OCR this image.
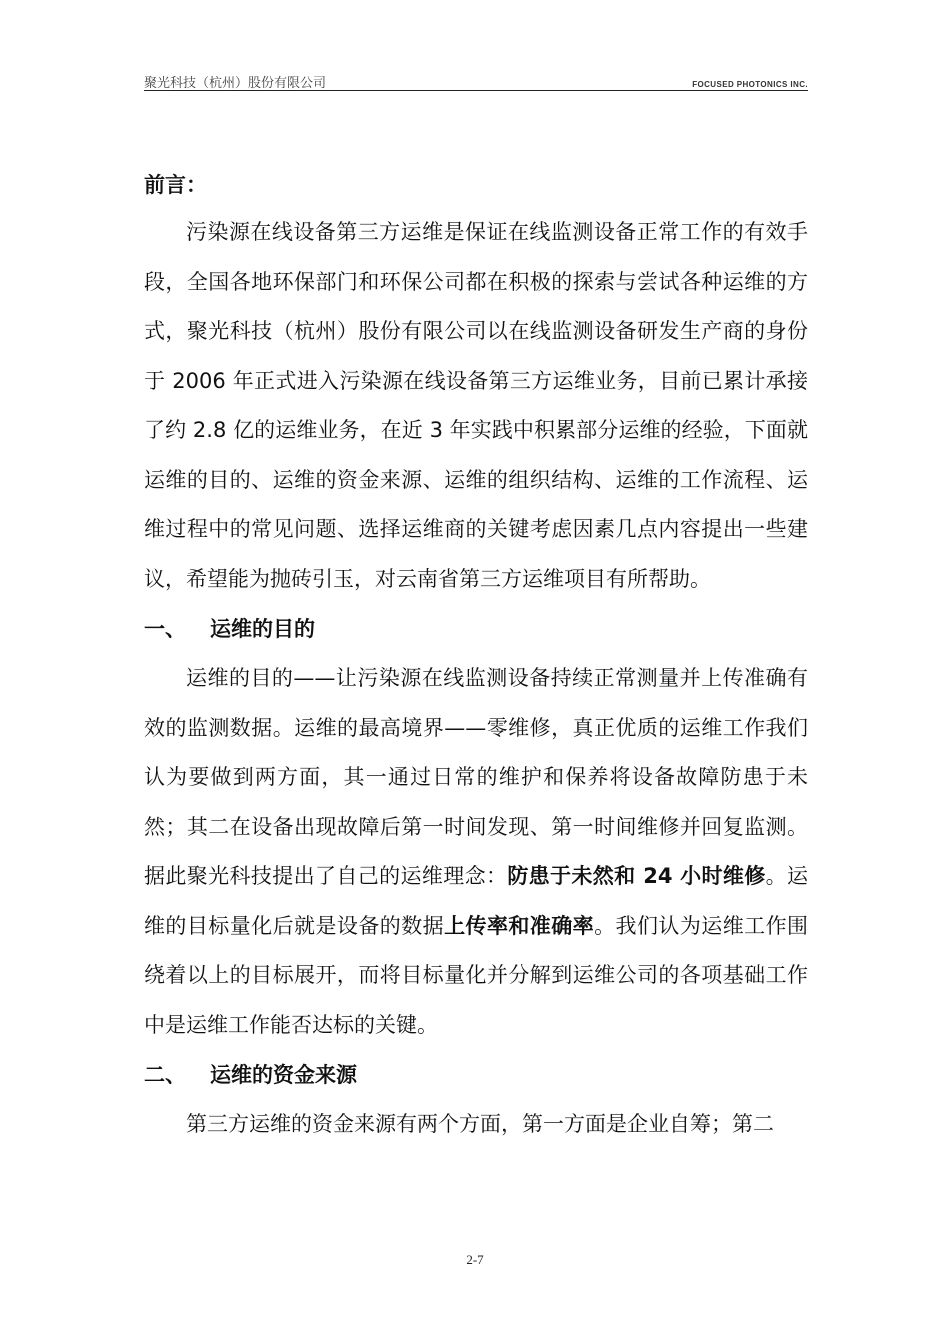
聚光科技（杭州）股份有限公司	FOCUSED PHOTONICS INC.
前言：

污染源在线设备第三方运维是保证在线监测设备正常工作的有效手段，全国各地环保部门和环保公司都在积极的探索与尝试各种运维的方式，聚光科技（杭州）股份有限公司以在线监测设备研发生产商的身份于 2006 年正式进入污染源在线设备第三方运维业务，目前已累计承接了约 2.8 亿的运维业务，在近 3 年实践中积累部分运维的经验，下面就运维的目的、运维的资金来源、运维的组织结构、运维的工作流程、运维过程中的常见问题、选择运维商的关键考虑因素几点内容提出一些建议，希望能为抛砖引玉，对云南省第三方运维项目有所帮助。

一、 运维的目的

运维的目的——让污染源在线监测设备持续正常测量并上传准确有效的监测数据。运维的最高境界——零维修，真正优质的运维工作我们认为要做到两方面，其一通过日常的维护和保养将设备故障防患于未然；其二在设备出现故障后第一时间发现、第一时间维修并回复监测。据此聚光科技提出了自己的运维理念：防患于未然和 24 小时维修。运维的目标量化后就是设备的数据上传率和准确率。我们认为运维工作围绕着以上的目标展开，而将目标量化并分解到运维公司的各项基础工作中是运维工作能否达标的关键。

二、 运维的资金来源

第三方运维的资金来源有两个方面，第一方面是企业自筹；第二

2-7
